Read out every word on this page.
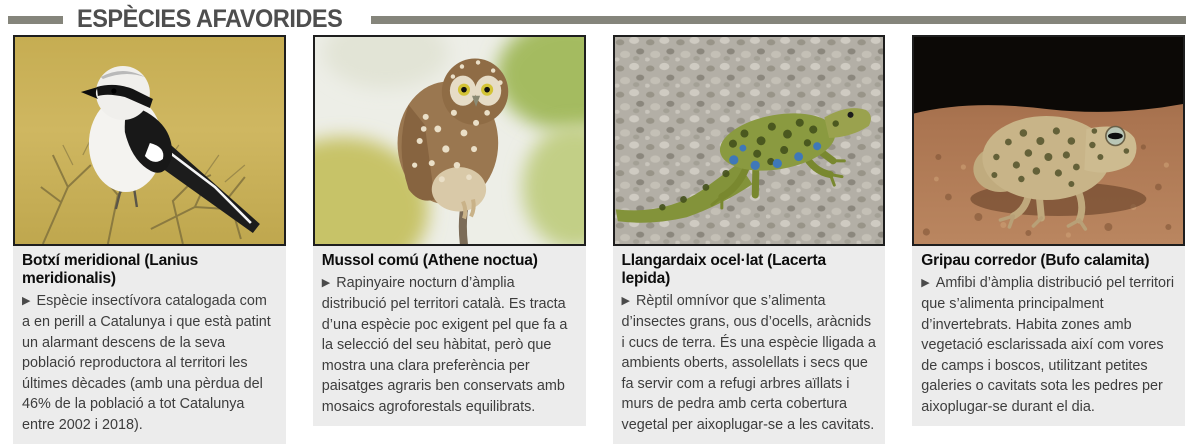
ESPÈCIES AFAVORIDES
Botxí meridional (Lanius meridionalis)

▶ Espècie insectívora catalogada com a en perill a Catalunya i que està patint un alarmant descens de la seva població reproductora al territori les últimes dècades (amb una pèrdua del 46% de la població a tot Catalunya entre 2002 i 2018).

Mussol comú (Athene noctua)

▶ Rapinyaire nocturn d’àmplia distribució pel territori català. Es tracta d’una espècie poc exigent pel que fa a la selecció del seu hàbitat, però que mostra una clara preferència per paisatges agraris ben conservats amb mosaics agroforestals equilibrats.

Llangardaix ocel·lat (Lacerta lepida)

▶ Rèptil omnívor que s’alimenta d’insectes grans, ous d’ocells, aràcnids i cucs de terra. És una espècie lligada a ambients oberts, assolellats i secs que fa servir com a refugi arbres aïllats i murs de pedra amb certa cobertura vegetal per aixoplugar-se a les cavitats.

Gripau corredor (Bufo calamita)

▶ Amfibi d’àmplia distribució pel territori que s’alimenta principalment d’invertebrats. Habita zones amb vegetació esclarissada així com vores de camps i boscos, utilitzant petites galeries o cavitats sota les pedres per aixoplugar-se durant el dia.
